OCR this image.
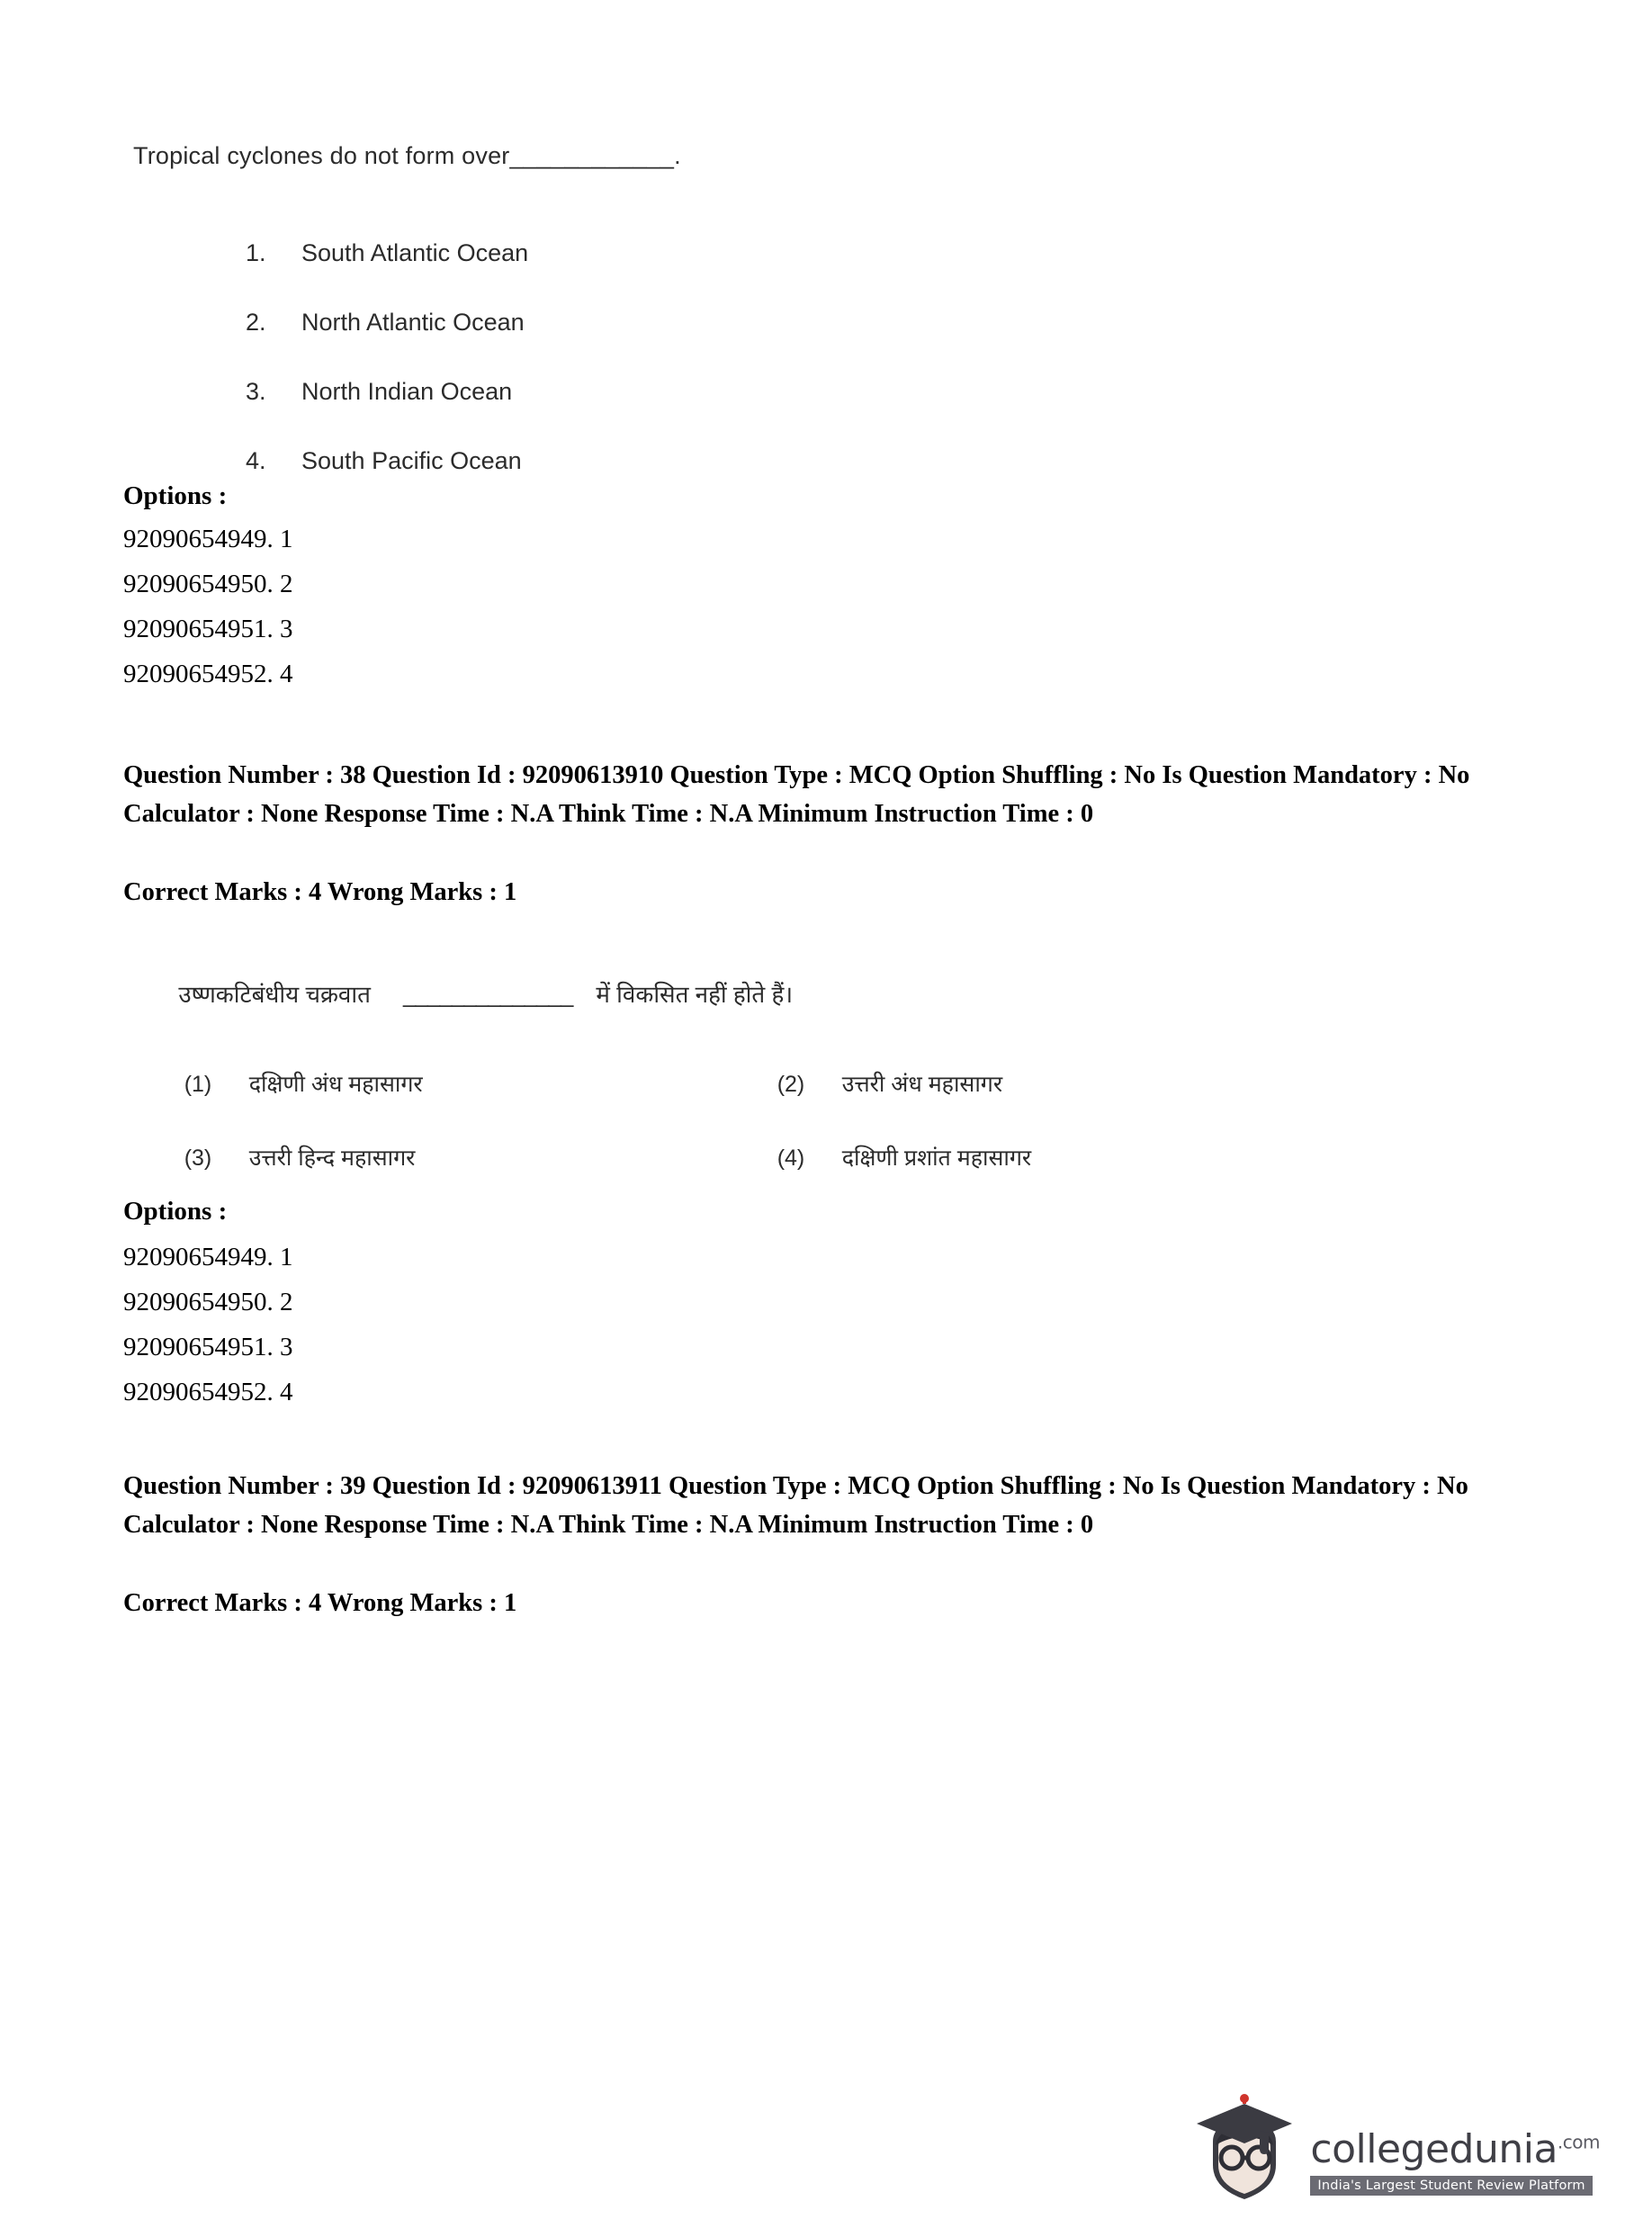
Tropical cyclones do not form over____________.

1. South Atlantic Ocean

2. North Atlantic Ocean

3. North Indian Ocean

4. South Pacific Ocean

Options :
92090654949. 1
92090654950. 2
92090654951. 3
92090654952. 4
Question Number : 38 Question Id : 92090613910 Question Type : MCQ Option Shuffling : No Is Question Mandatory : No Calculator : None Response Time : N.A Think Time : N.A Minimum Instruction Time : 0
Correct Marks : 4 Wrong Marks : 1

उष्णकटिबंधीय चक्रवात ______________ में विकसित नहीं होते हैं।

(1) दक्षिणी अंध महासागर
	(2) उत्तरी अंध महासागर

(3) उत्तरी हिन्द महासागर
	(4) दक्षिणी प्रशांत महासागर

Options :
92090654949. 1
92090654950. 2
92090654951. 3
92090654952. 4
Question Number : 39 Question Id : 92090613911 Question Type : MCQ Option Shuffling : No Is Question Mandatory : No Calculator : None Response Time : N.A Think Time : N.A Minimum Instruction Time : 0
Correct Marks : 4 Wrong Marks : 1
collegedunia$^{.com}$
India's Largest Student Review Platform
